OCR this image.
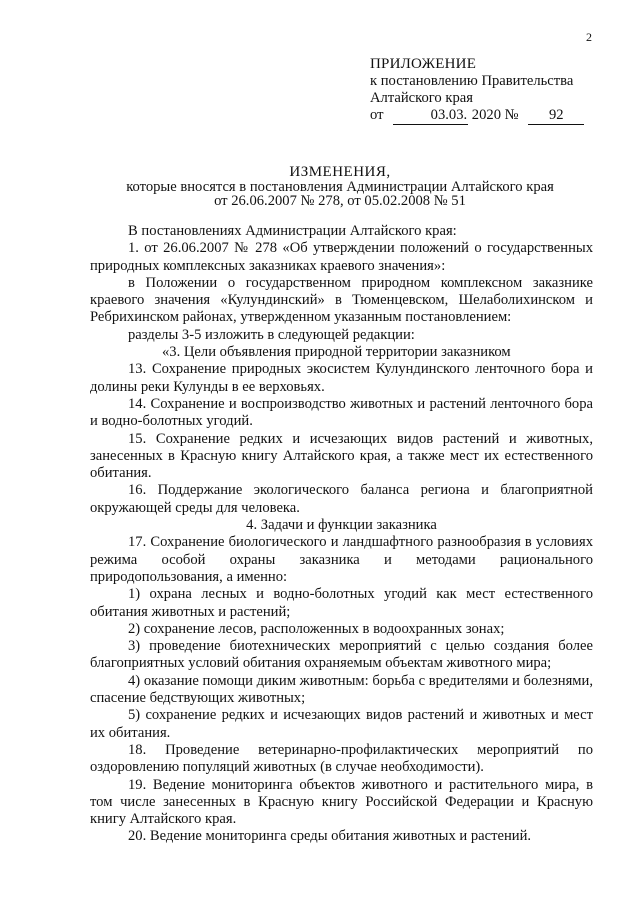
2
ПРИЛОЖЕНИЕ
к постановлению Правительства
Алтайского края
от	03.03. 2020 № 92
ИЗМЕНЕНИЯ,
которые вносятся в постановления Администрации Алтайского края
от 26.06.2007 № 278, от 05.02.2008 № 51

В постановлениях Администрации Алтайского края:

1. от 26.06.2007 № 278 «Об утверждении положений о государственных природных комплексных заказниках краевого значения»:

в Положении о государственном природном комплексном заказнике краевого значения «Кулундинский» в Тюменцевском, Шелаболихинском и Ребрихинском районах, утвержденном указанным постановлением:

разделы 3-5 изложить в следующей редакции:

«3. Цели объявления природной территории заказником

13. Сохранение природных экосистем Кулундинского ленточного бора и долины реки Кулунды в ее верховьях.

14. Сохранение и воспроизводство животных и растений ленточного бора и водно-болотных угодий.

15. Сохранение редких и исчезающих видов растений и животных, занесенных в Красную книгу Алтайского края, а также мест их естественного обитания.

16. Поддержание экологического баланса региона и благоприятной окружающей среды для человека.

4. Задачи и функции заказника

17. Сохранение биологического и ландшафтного разнообразия в условиях режима особой охраны заказника и методами рационального природопользования, а именно:

1) охрана лесных и водно-болотных угодий как мест естественного обитания животных и растений;

2) сохранение лесов, расположенных в водоохранных зонах;

3) проведение биотехнических мероприятий с целью создания более благоприятных условий обитания охраняемым объектам животного мира;

4) оказание помощи диким животным: борьба с вредителями и болезнями, спасение бедствующих животных;

5) сохранение редких и исчезающих видов растений и животных и мест их обитания.

18. Проведение ветеринарно-профилактических мероприятий по оздоровлению популяций животных (в случае необходимости).

19. Ведение мониторинга объектов животного и растительного мира, в том числе занесенных в Красную книгу Российской Федерации и Красную книгу Алтайского края.

20. Ведение мониторинга среды обитания животных и растений.
